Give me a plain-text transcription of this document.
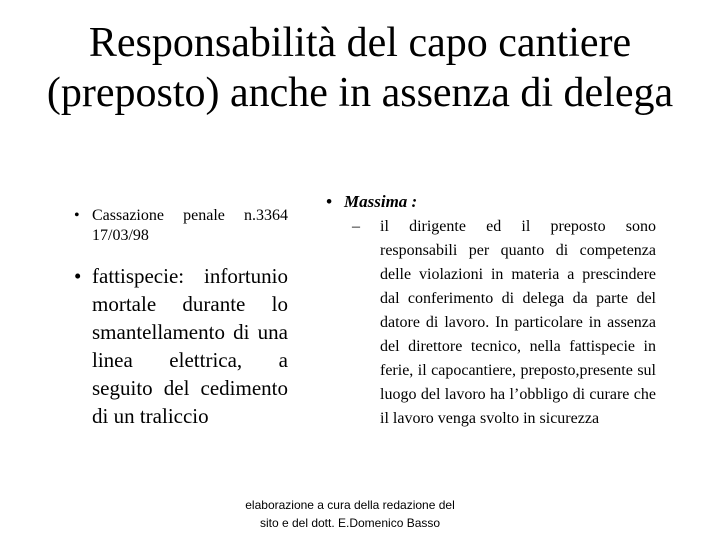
Responsabilità del capo cantiere (preposto) anche in assenza di delega
• Cassazione penale n.3364 17/03/98
• fattispecie: infortunio mortale durante lo smantellamento di una linea elettrica, a seguito del cedimento di un traliccio
• Massima :
– il dirigente ed il preposto sono responsabili per quanto di competenza delle violazioni in materia a prescindere dal conferimento di delega da parte del datore di lavoro. In particolare in assenza del direttore tecnico, nella fattispecie in ferie, il capocantiere, preposto,presente sul luogo del lavoro ha l’obbligo di curare che il lavoro venga svolto in sicurezza
elaborazione a cura della redazione del sito e del dott. E.Domenico Basso
